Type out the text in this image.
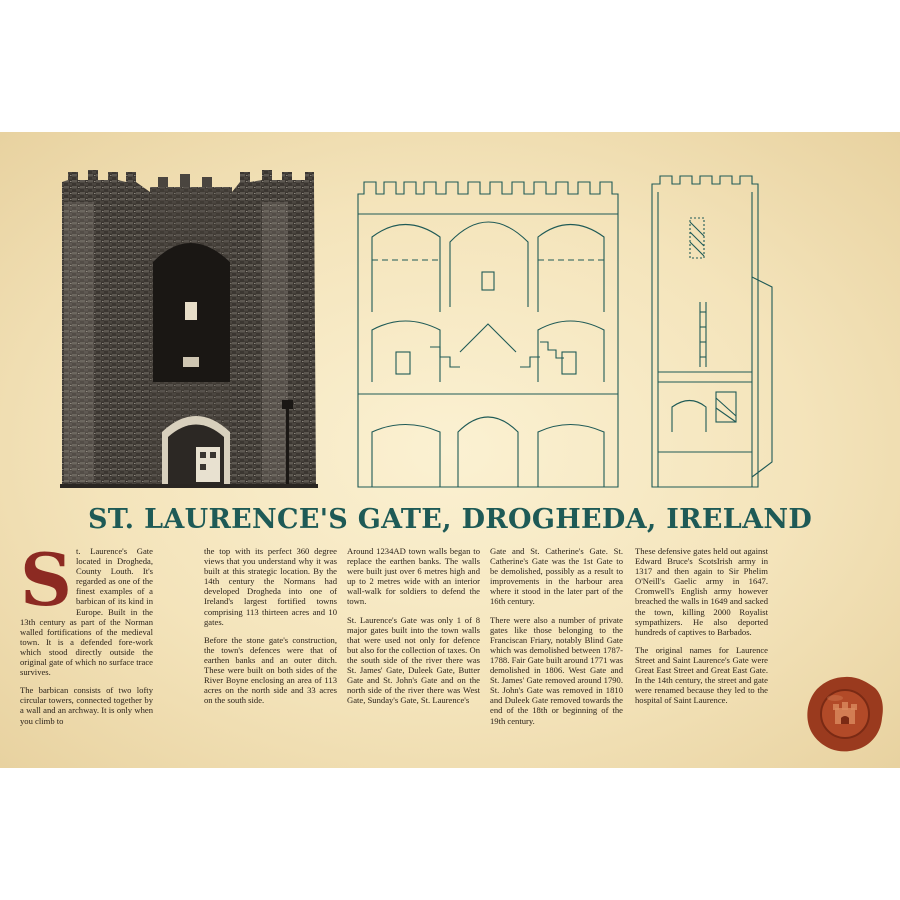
ST. LAURENCE'S GATE, DROGHEDA, IRELAND

St. Laurence's Gate located in Drogheda, County Louth. It's regarded as one of the finest examples of a barbican of its kind in Europe. Built in the 13th century as part of the Norman walled fortifications of the medieval town. It is a defended fore-work which stood directly outside the original gate of which no surface trace survives.

The barbican consists of two lofty circular towers, connected together by a wall and an archway. It is only when you climb to

the top with its perfect 360 degree views that you understand why it was built at this strategic location. By the 14th century the Normans had developed Drogheda into one of Ireland's largest fortified towns comprising 113 thirteen acres and 10 gates.

Before the stone gate's construction, the town's defences were that of earthen banks and an outer ditch. These were built on both sides of the River Boyne enclosing an area of 113 acres on the north side and 33 acres on the south side.

Around 1234AD town walls began to replace the earthen banks. The walls were built just over 6 metres high and up to 2 metres wide with an interior wall-walk for soldiers to defend the town.

St. Laurence's Gate was only 1 of 8 major gates built into the town walls that were used not only for defence but also for the collection of taxes. On the south side of the river there was St. James' Gate, Duleek Gate, Butter Gate and St. John's Gate and on the north side of the river there was West Gate, Sunday's Gate, St. Laurence's

Gate and St. Catherine's Gate. St. Catherine's Gate was the 1st Gate to be demolished, possibly as a result to improvements in the harbour area where it stood in the later part of the 16th century.

There were also a number of private gates like those belonging to the Franciscan Friary, notably Blind Gate which was demolished between 1787-1788. Fair Gate built around 1771 was demolished in 1806. West Gate and St. James' Gate removed around 1790. St. John's Gate was removed in 1810 and Duleek Gate removed towards the end of the 18th or beginning of the 19th century.

These defensive gates held out against Edward Bruce's ScotsIrish army in 1317 and then again to Sir Phelim O'Neill's Gaelic army in 1647. Cromwell's English army however breached the walls in 1649 and sacked the town, killing 2000 Royalist sympathizers. He also deported hundreds of captives to Barbados.

The original names for Laurence Street and Saint Laurence's Gate were Great East Street and Great East Gate. In the 14th century, the street and gate were renamed because they led to the hospital of Saint Laurence.
